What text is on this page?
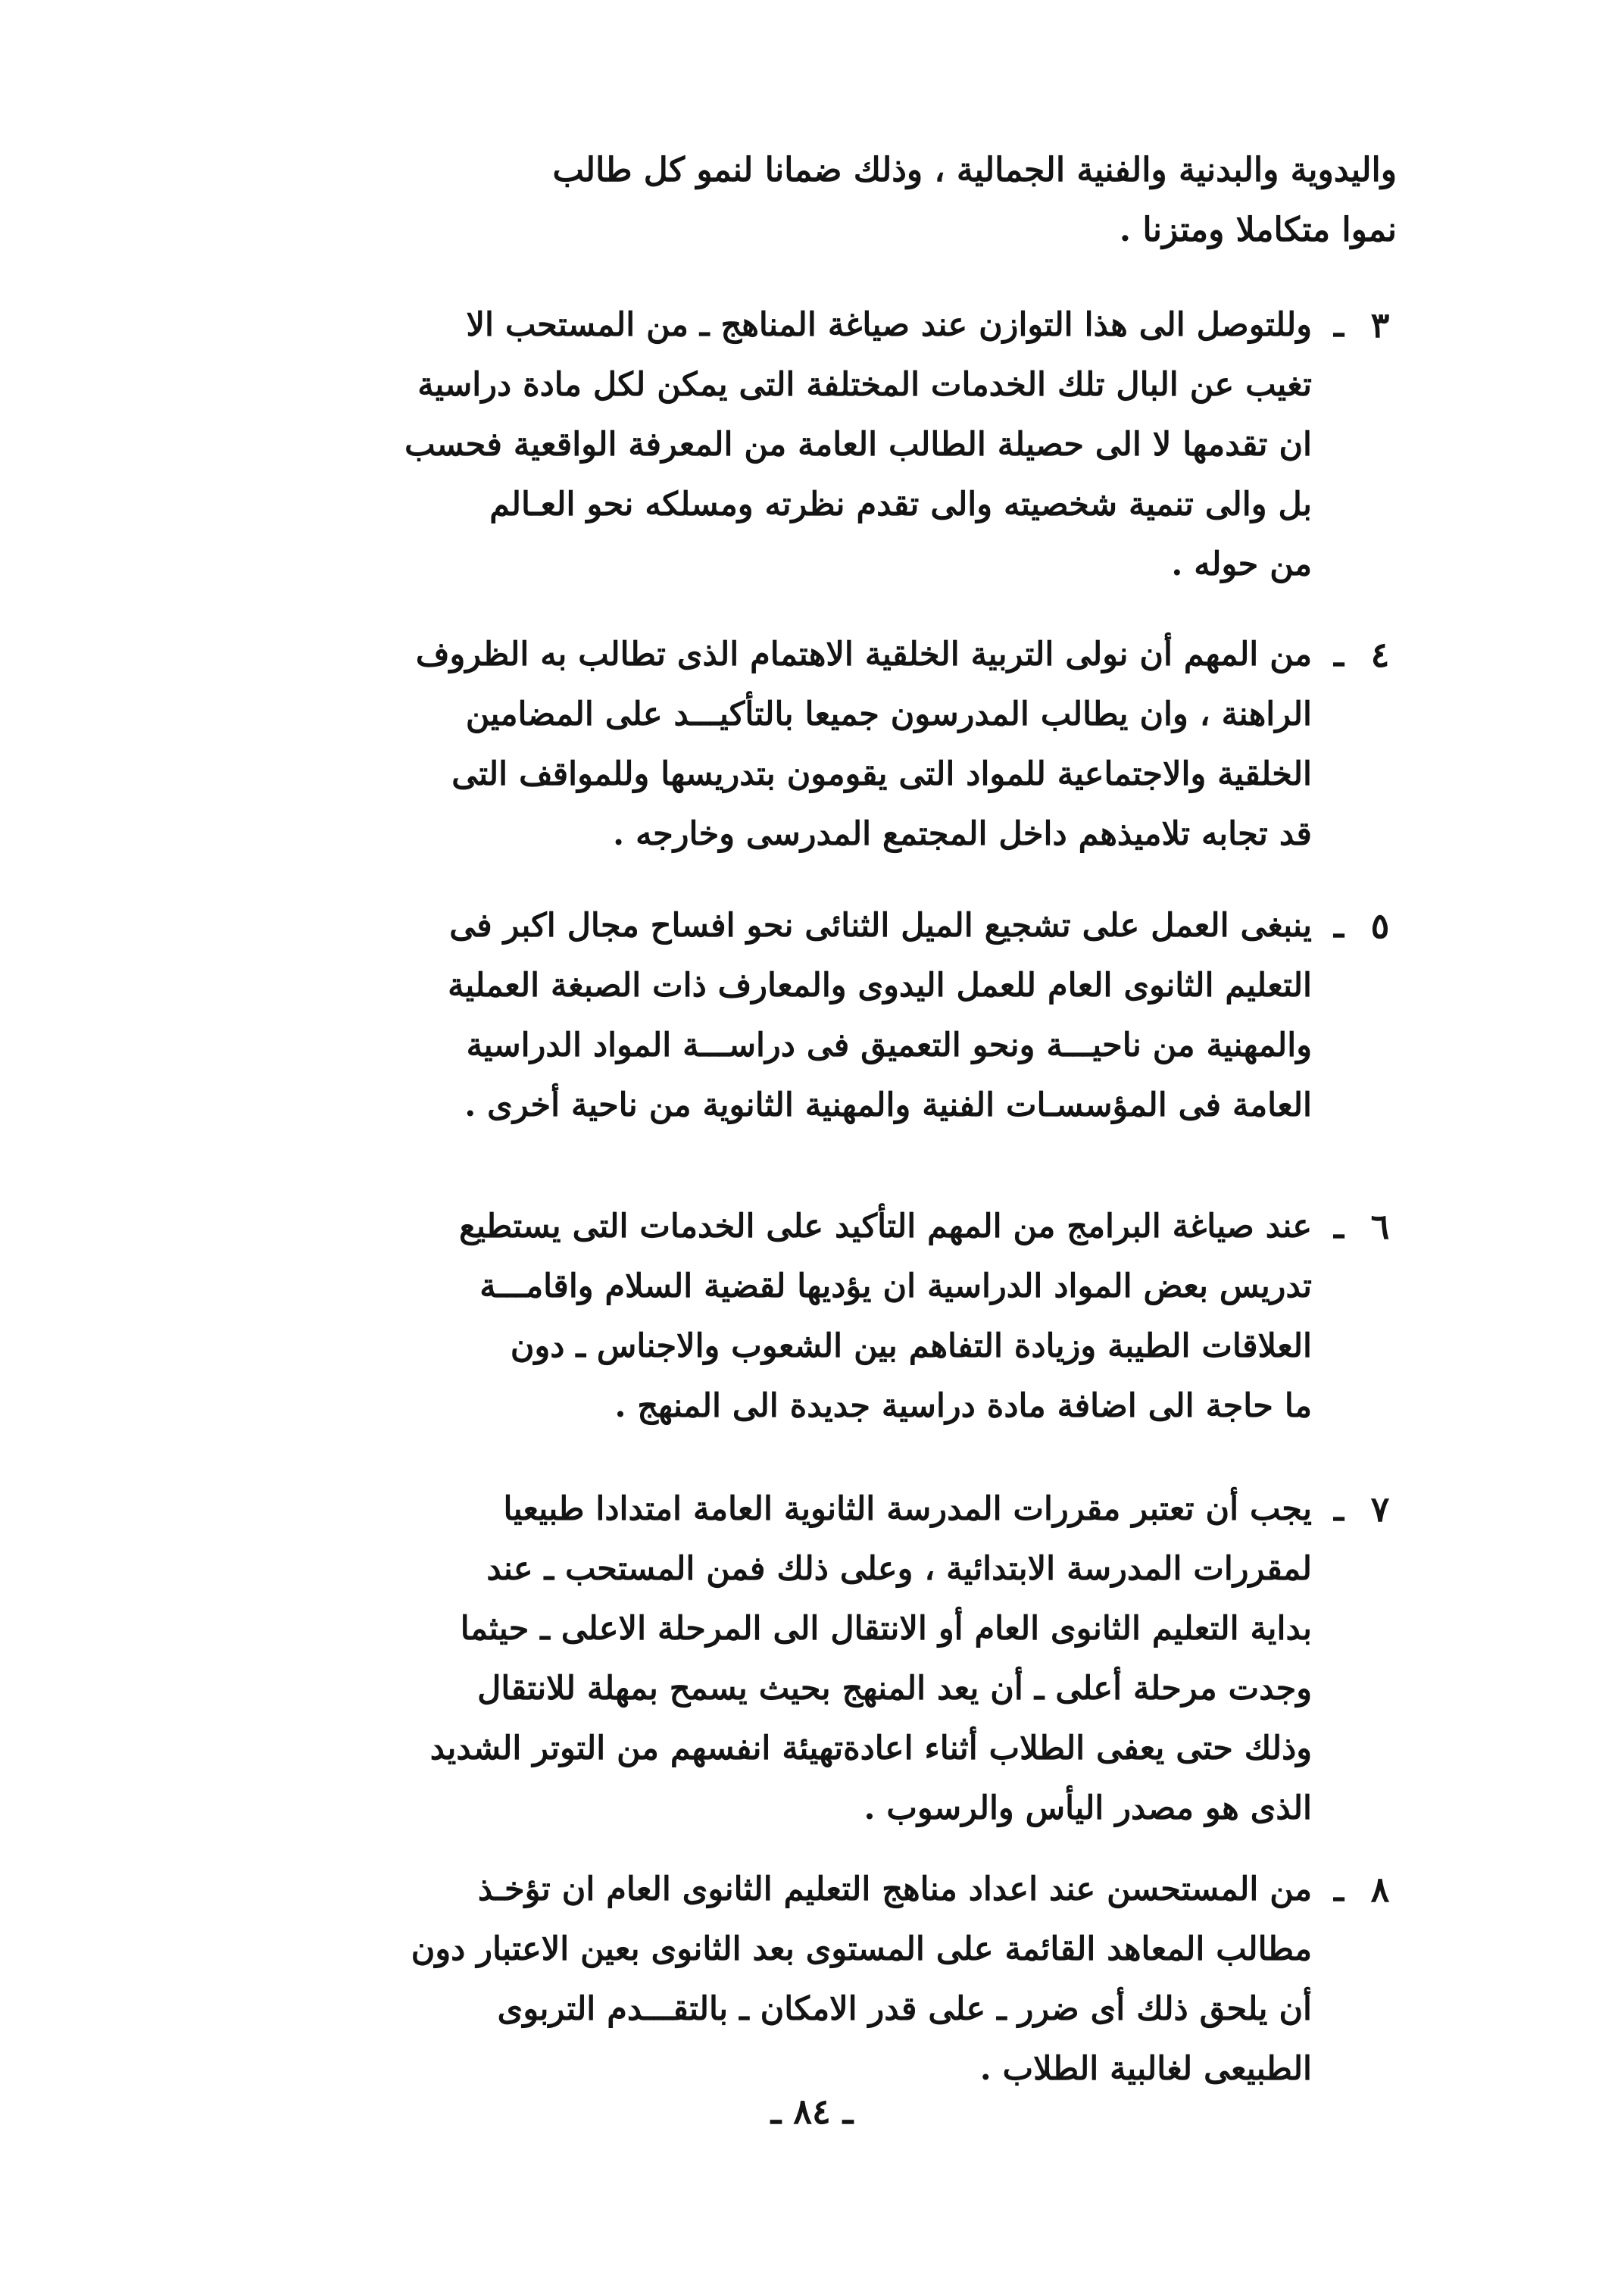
واليدوية والبدنية والفنية الجمالية ، وذلك ضمانا لنمو كل طالب

نموا متكاملا ومتزنا .

٣
ـ
وللتوصل الى هذا التوازن عند صياغة المناهج ـ من المستحب الا
تغيب عن البال تلك الخدمات المختلفة التى يمكن لكل مادة دراسية
ان تقدمها لا الى حصيلة الطالب العامة من المعرفة الواقعية فحسب
بل والى تنمية شخصيته والى تقدم نظرته ومسلكه نحو العـالم
من حوله .
٤
ـ
من المهم أن نولى التربية الخلقية الاهتمام الذى تطالب به الظروف
الراهنة ، وان يطالب المدرسون جميعا بالتأكيـــد على المضامين
الخلقية والاجتماعية للمواد التى يقومون بتدريسها وللمواقف التى
قد تجابه تلاميذهم داخل المجتمع المدرسى وخارجه .
٥
ـ
ينبغى العمل على تشجيع الميل الثنائى نحو افساح مجال اكبر فى
التعليم الثانوى العام للعمل اليدوى والمعارف ذات الصبغة العملية
والمهنية من ناحيـــة ونحو التعميق فى دراســـة المواد الدراسية
العامة فى المؤسسـات الفنية والمهنية الثانوية من ناحية أخرى .
٦
ـ
عند صياغة البرامج من المهم التأكيد على الخدمات التى يستطيع
تدريس بعض المواد الدراسية ان يؤديها لقضية السلام واقامـــة
العلاقات الطيبة وزيادة التفاهم بين الشعوب والاجناس ـ دون
ما حاجة الى اضافة مادة دراسية جديدة الى المنهج .
٧
ـ
يجب أن تعتبر مقررات المدرسة الثانوية العامة امتدادا طبيعيا
لمقررات المدرسة الابتدائية ، وعلى ذلك فمن المستحب ـ عند
بداية التعليم الثانوى العام أو الانتقال الى المرحلة الاعلى ـ حيثما
وجدت مرحلة أعلى ـ أن يعد المنهج بحيث يسمح بمهلة للانتقال
وذلك حتى يعفى الطلاب أثناء اعادةتهيئة انفسهم من التوتر الشديد
الذى هو مصدر اليأس والرسوب .
٨
ـ
من المستحسن عند اعداد مناهج التعليم الثانوى العام ان تؤخـذ
مطالب المعاهد القائمة على المستوى بعد الثانوى بعين الاعتبار دون
أن يلحق ذلك أى ضرر ـ على قدر الامكان ـ بالتقـــدم التربوى
الطبيعى لغالبية الطلاب .
ـ ٨٤ ـ
